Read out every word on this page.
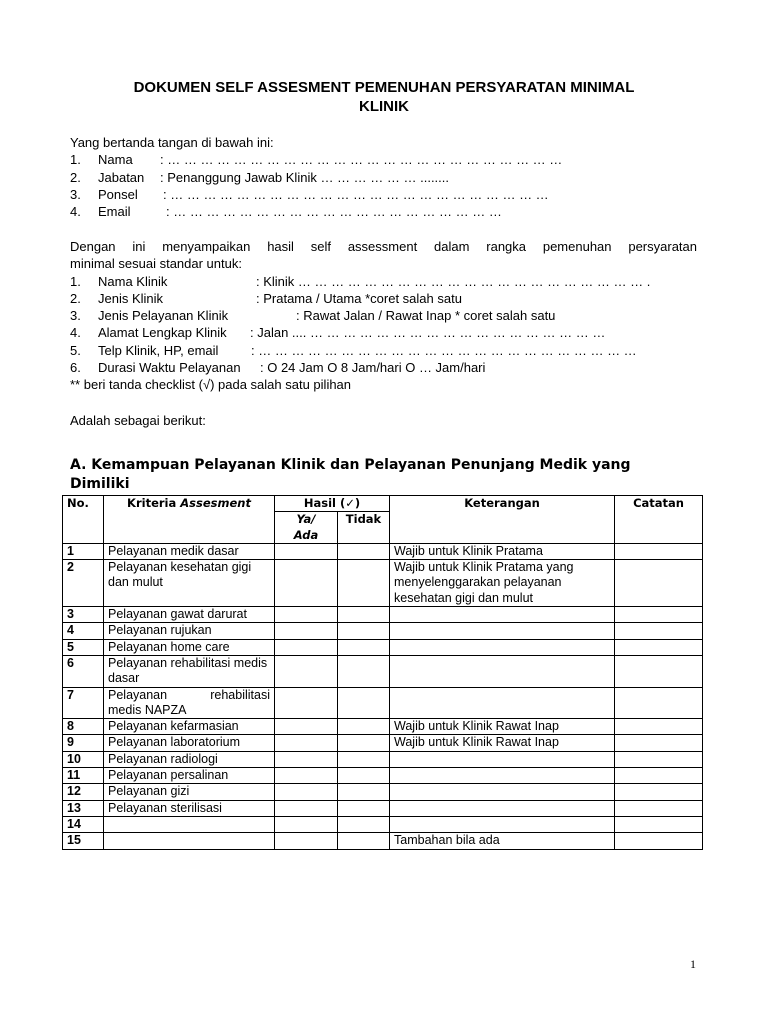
DOKUMEN SELF ASSESMENT PEMENUHAN PERSYARATAN MINIMAL
KLINIK
Yang bertanda tangan di bawah ini:
1. Nama : … … … … … … … … … … … … … … … … … … … … … … … …
2. Jabatan : Penanggung Jawab Klinik … … … … … … ........
3. Ponsel : … … … … … … … … … … … … … … … … … … … … … … …
4. Email	: … … … … … … … … … … … … … … … … … … … …
Dengan ini menyampaikan hasil self assessment dalam rangka pemenuhan persyaratan
minimal sesuai standar untuk:
1. Nama Klinik	: Klinik … … … … … … … … … … … … … … … … … … … … … .
2. Jenis Klinik	: Pratama / Utama *coret salah satu
3. Jenis Pelayanan Klinik	: Rawat Jalan / Rawat Inap * coret salah satu
4. Alamat Lengkap Klinik : Jalan .... … … … … … … … … … … … … … … … … … …
5. Telp Klinik, HP, email	: … … … … … … … … … … … … … … … … … … … … … … …
6. Durasi Waktu Pelayanan : O 24 Jam O 8 Jam/hari O … Jam/hari
** beri tanda checklist (√) pada salah satu pilihan
Adalah sebagai berikut:
A. Kemampuan Pelayanan Klinik dan Pelayanan Penunjang Medik yang
Dimiliki
No.	Kriteria Assesment	Hasil (✓)		Keterangan	Catatan

		Ya/
Ada	Tidak		
1	Pelayanan medik dasar			Wajib untuk Klinik Pratama	
2	Pelayanan kesehatan gigi dan mulut			Wajib untuk Klinik Pratama yang menyelenggarakan pelayanan kesehatan gigi dan mulut	
3	Pelayanan gawat darurat				
4	Pelayanan rujukan				
5	Pelayanan home care				
6	Pelayanan rehabilitasi medis dasar				
7	Pelayanan rehabilitasi
medis NAPZA				

8	Pelayanan kefarmasian			Wajib untuk Klinik Rawat Inap	
9	Pelayanan laboratorium			Wajib untuk Klinik Rawat Inap	
10	Pelayanan radiologi				
11	Pelayanan persalinan				
12	Pelayanan gizi				
13	Pelayanan sterilisasi				
14					
15				Tambahan bila ada	
1
